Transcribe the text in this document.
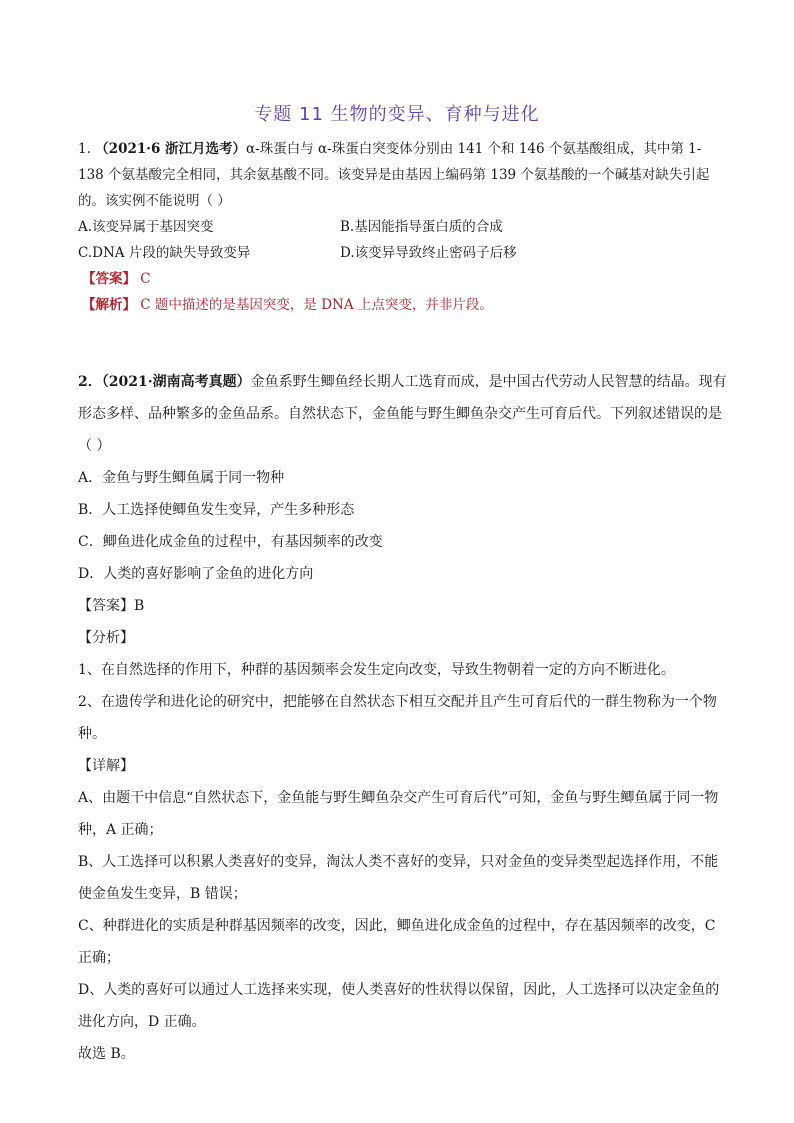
专题 11 生物的变异、育种与进化
1. （2021·6 浙江月选考）α-珠蛋白与 α-珠蛋白突变体分别由 141 个和 146 个氨基酸组成，其中第 1-138 个氨基酸完全相同，其余氨基酸不同。该变异是由基因上编码第 139 个氨基酸的一个碱基对缺失引起的。该实例不能说明（ ）
A.该变异属于基因突变	B.基因能指导蛋白质的合成
C.DNA 片段的缺失导致变异	D.该变异导致终止密码子后移
【答案】 C
【解析】 C 题中描述的是基因突变，是 DNA 上点突变，并非片段。
2．（2021·湖南高考真题）金鱼系野生鲫鱼经长期人工选育而成，是中国古代劳动人民智慧的结晶。现有形态多样、品种繁多的金鱼品系。自然状态下，金鱼能与野生鲫鱼杂交产生可育后代。下列叙述错误的是（ ）
A．金鱼与野生鲫鱼属于同一物种
B．人工选择使鲫鱼发生变异，产生多种形态
C．鲫鱼进化成金鱼的过程中，有基因频率的改变
D．人类的喜好影响了金鱼的进化方向
【答案】B
【分析】
1、在自然选择的作用下，种群的基因频率会发生定向改变，导致生物朝着一定的方向不断进化。
2、在遗传学和进化论的研究中，把能够在自然状态下相互交配并且产生可育后代的一群生物称为一个物种。
【详解】
A、由题干中信息“自然状态下，金鱼能与野生鲫鱼杂交产生可育后代”可知，金鱼与野生鲫鱼属于同一物种，A 正确；
B、人工选择可以积累人类喜好的变异，淘汰人类不喜好的变异，只对金鱼的变异类型起选择作用，不能使金鱼发生变异，B 错误；
C、种群进化的实质是种群基因频率的改变，因此，鲫鱼进化成金鱼的过程中，存在基因频率的改变，C 正确；
D、人类的喜好可以通过人工选择来实现，使人类喜好的性状得以保留，因此，人工选择可以决定金鱼的进化方向，D 正确。
故选 B。
